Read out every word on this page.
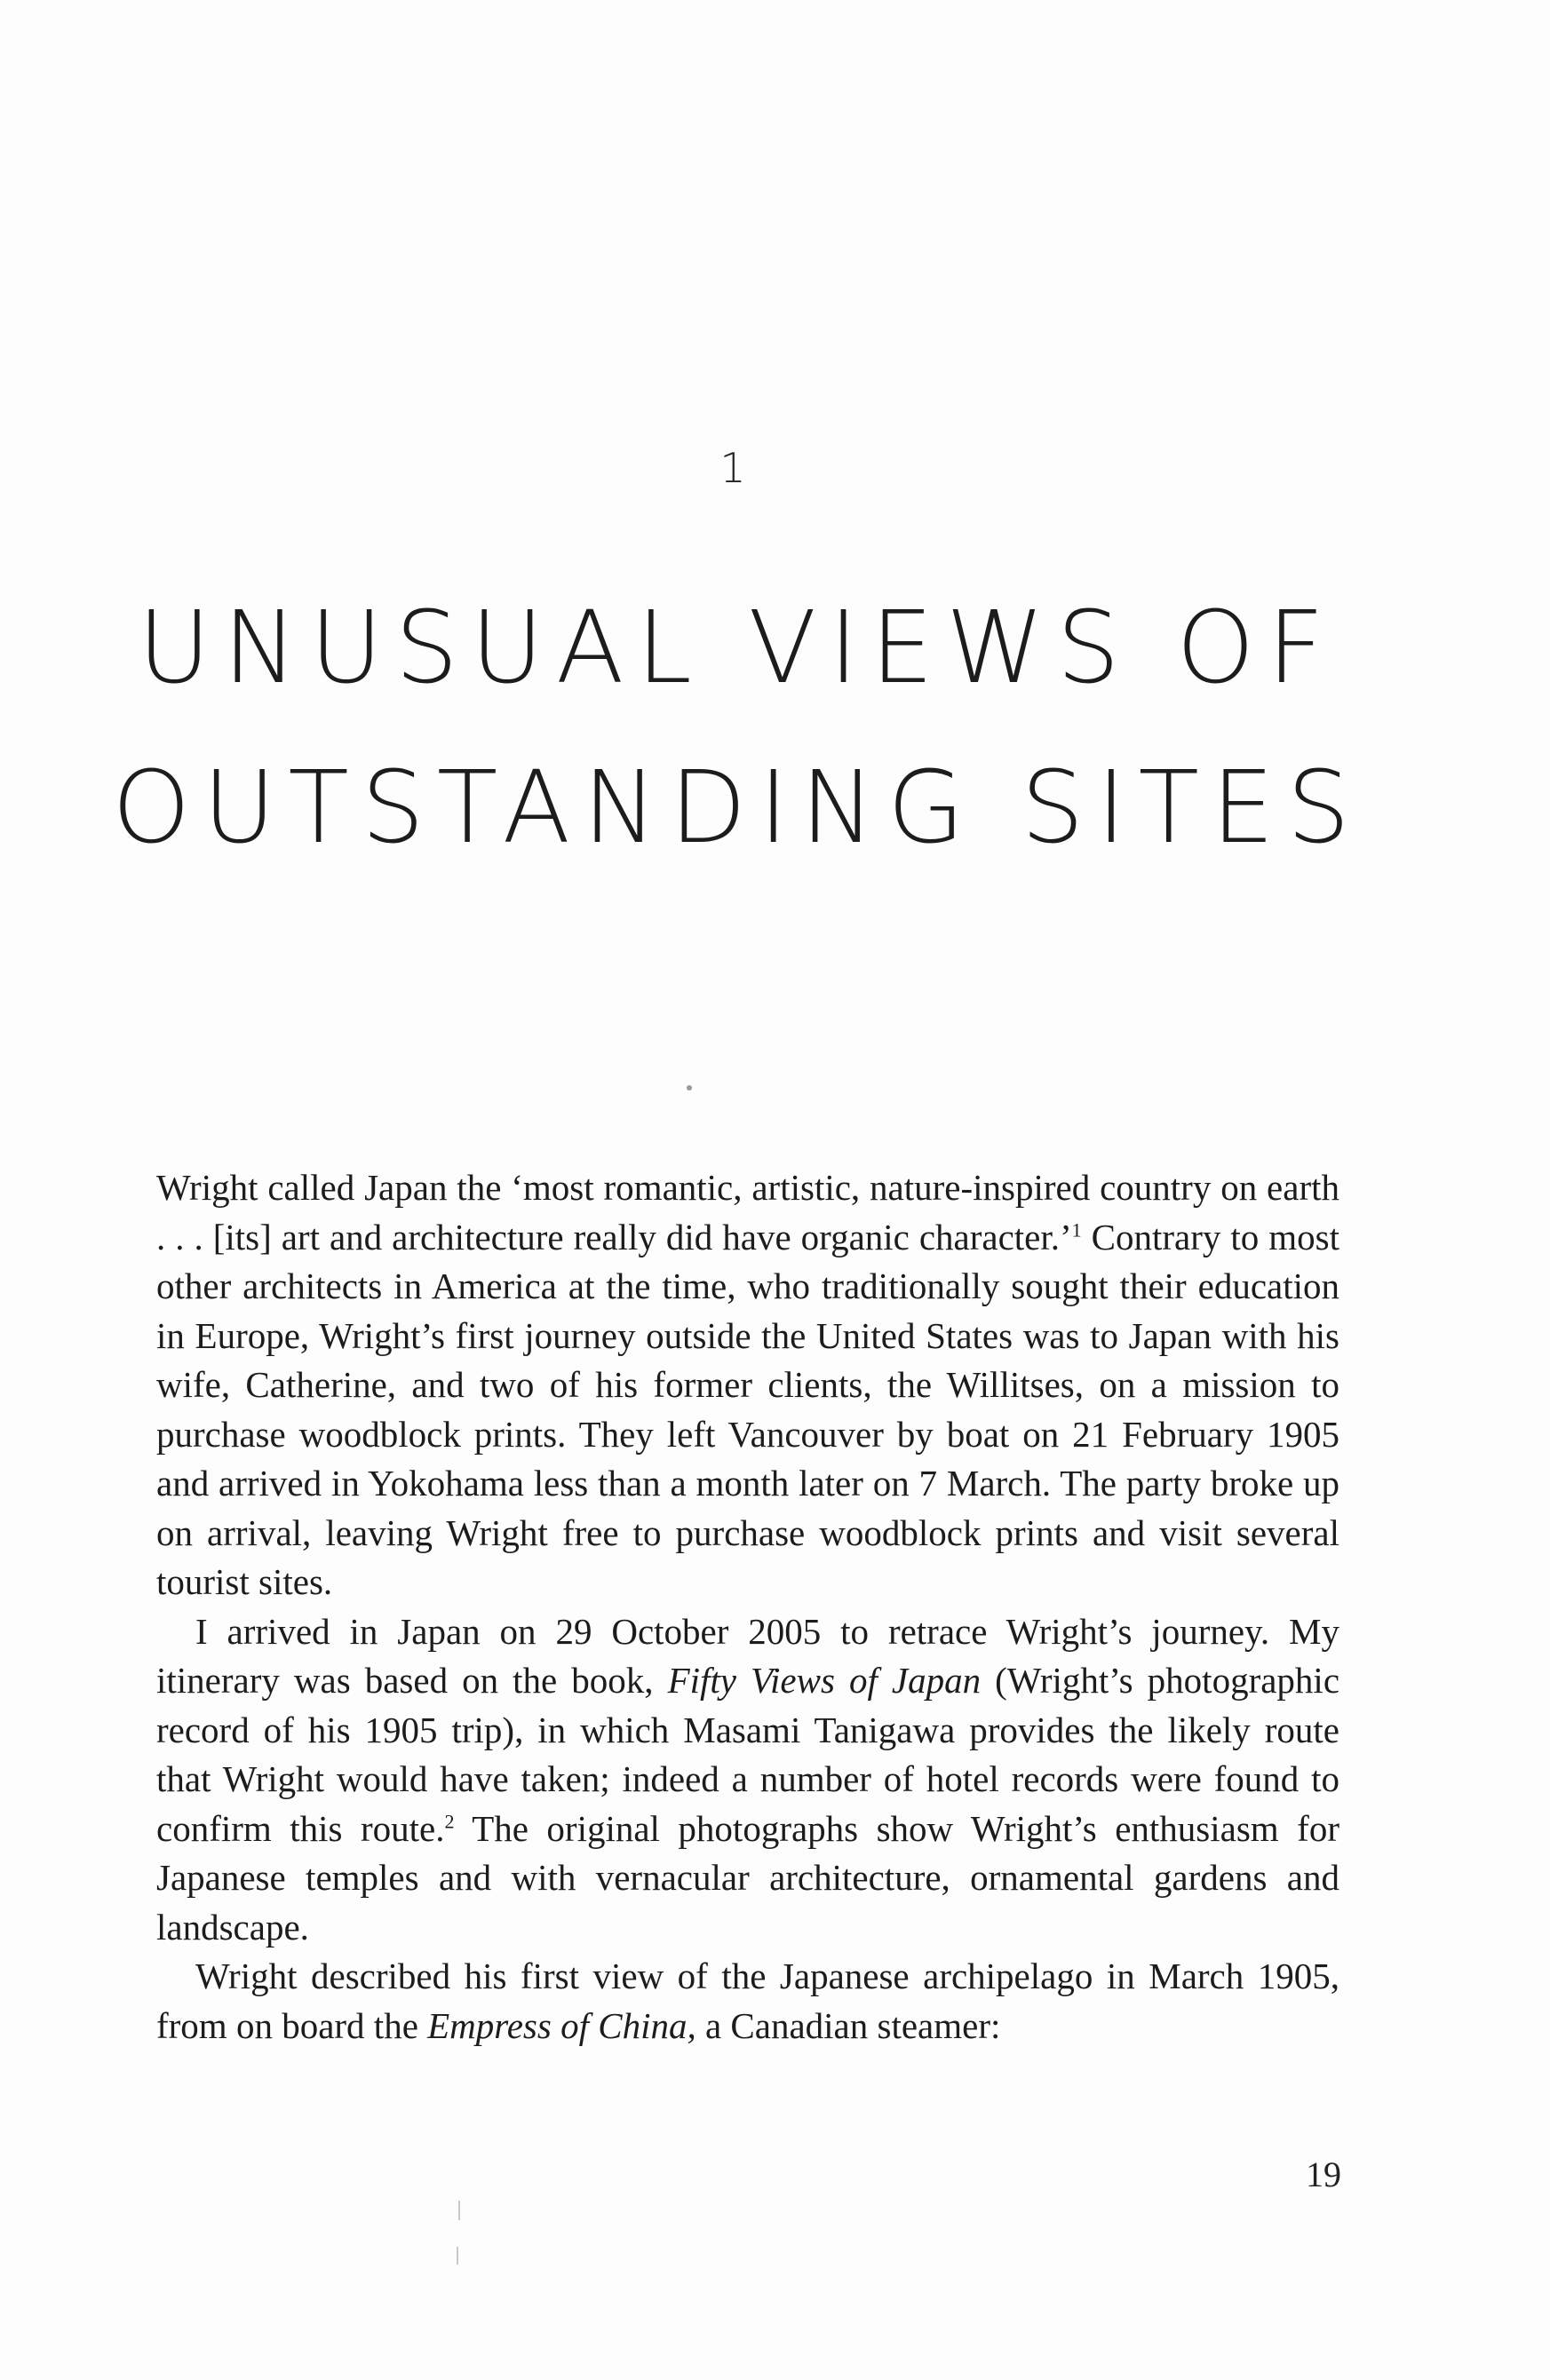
1
UNUSUAL VIEWS OF
OUTSTANDING SITES

Wright called Japan the ‘most romantic, artistic, nature-inspired country on earth . . . [its] art and architecture really did have organic character.’$^1$ Contrary to most other architects in America at the time, who traditionally sought their education in Europe, Wright’s first journey outside the United States was to Japan with his wife, Catherine, and two of his former clients, the Willitses, on a mission to purchase woodblock prints. They left Vancouver by boat on 21 February 1905 and arrived in Yokohama less than a month later on 7 March. The party broke up on arrival, leaving Wright free to purchase woodblock prints and visit several tourist sites.

I arrived in Japan on 29 October 2005 to retrace Wright’s journey. My itinerary was based on the book, Fifty Views of Japan (Wright’s photographic record of his 1905 trip), in which Masami Tanigawa provides the likely route that Wright would have taken; indeed a number of hotel records were found to confirm this route.$^2$ The original photographs show Wright’s enthusiasm for Japanese temples and with vernacular architecture, ornamental gardens and landscape.

Wright described his first view of the Japanese archipelago in March 1905, from on board the Empress of China, a Canadian steamer:

19
